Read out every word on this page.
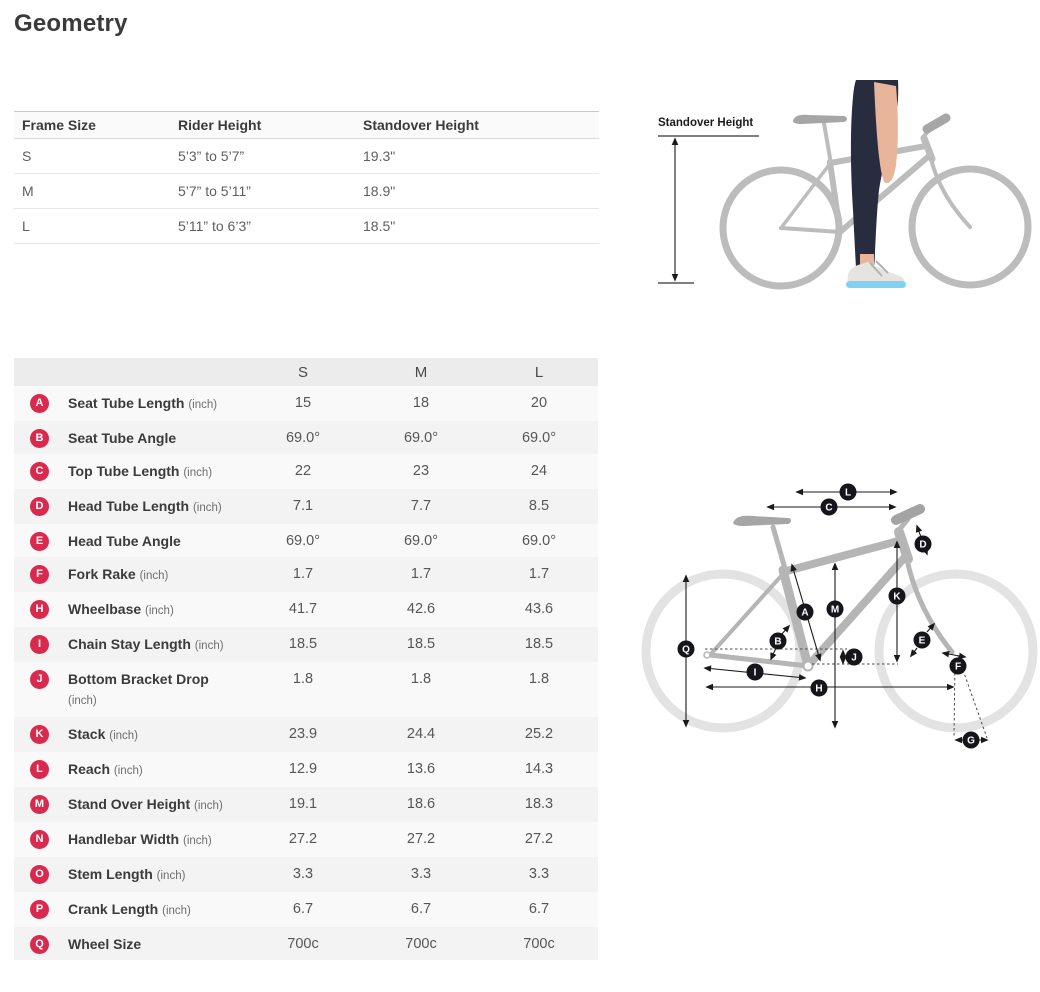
Geometry
Frame Size	Rider Height	Standover Height
S	5’3” to 5’7”	19.3"
M	5’7” to 5’11”	18.9"
L	5’11” to 6’3”	18.5"
Standover Height
		S	M	L
A	Seat Tube Length (inch)	15	18	20
B	Seat Tube Angle	69.0°	69.0°	69.0°
C	Top Tube Length (inch)	22	23	24
D	Head Tube Length (inch)	7.1	7.7	8.5
E	Head Tube Angle	69.0°	69.0°	69.0°
F	Fork Rake (inch)	1.7	1.7	1.7
H	Wheelbase (inch)	41.7	42.6	43.6
I	Chain Stay Length (inch)	18.5	18.5	18.5
J	Bottom Bracket Drop (inch)	1.8	1.8	1.8
K	Stack (inch)	23.9	24.4	25.2
L	Reach (inch)	12.9	13.6	14.3
M	Stand Over Height (inch)	19.1	18.6	18.3
N	Handlebar Width (inch)	27.2	27.2	27.2
O	Stem Length (inch)	3.3	3.3	3.3
P	Crank Length (inch)	6.7	6.7	6.7
Q	Wheel Size	700c	700c	700c
L
C
D
A M
K
B	E
Q
J
F
I
H
G
